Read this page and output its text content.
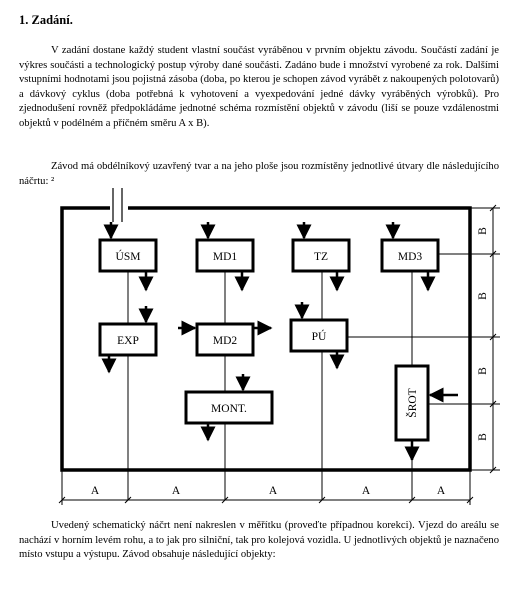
1. Zadání.

V zadání dostane každý student vlastní součást vyráběnou v prvním objektu závodu. Součástí zadání je výkres součásti a technologický postup výroby dané součásti. Zadáno bude i množství vyrobené za rok. Dalšími vstupními hodnotami jsou pojistná zásoba (doba, po kterou je schopen závod vyrábět z nakoupených polotovarů) a dávkový cyklus (doba potřebná k vyhotovení a vyexpedování jedné dávky vyráběných výrobků). Pro zjednodušení rovněž předpokládáme jednotné schéma rozmístění objektů v závodu (liší se pouze vzdálenostmi objektů v podélném a příčném směru A x B).

Závod má obdélníkový uzavřený tvar a na jeho ploše jsou rozmístěny jednotlivé útvary dle následujícího náčrtu: ²

ÚSM	MD1	TZ	MD3
EXP	MD2	PÚ
MONT.	ŠROT
A	A	A	A	A
B
B
B
B

Uvedený schematický náčrt není nakreslen v měřítku (proveďte případnou korekci). Vjezd do areálu se nachází v horním levém rohu, a to jak pro silniční, tak pro kolejová vozidla. U jednotlivých objektů je naznačeno místo vstupu a výstupu. Závod obsahuje následující objekty:
